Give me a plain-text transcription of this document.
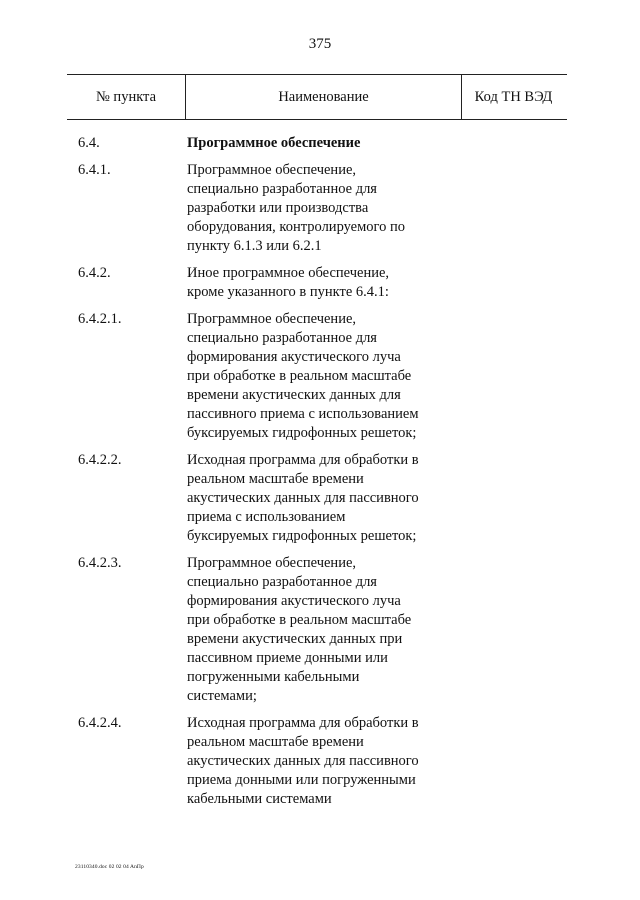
375
№ пункта	Наименование	Код ТН ВЭД
6.4.	Программное обеспечение
6.4.1.	Программное обеспечение,
специально разработанное для
разработки или производства
оборудования, контролируемого по
пункту 6.1.3 или 6.2.1
6.4.2.	Иное программное обеспечение,
кроме указанного в пункте 6.4.1:
6.4.2.1.	Программное обеспечение,
специально разработанное для
формирования акустического луча
при обработке в реальном масштабе
времени акустических данных для
пассивного приема с использованием
буксируемых гидрофонных решеток;
6.4.2.2.	Исходная программа для обработки в
реальном масштабе времени
акустических данных для пассивного
приема с использованием
буксируемых гидрофонных решеток;
6.4.2.3.	Программное обеспечение,
специально разработанное для
формирования акустического луча
при обработке в реальном масштабе
времени акустических данных при
пассивном приеме донными или
погруженными кабельными
системами;
6.4.2.4.	Исходная программа для обработки в
реальном масштабе времени
акустических данных для пассивного
приема донными или погруженными
кабельными системами
23110340.doc 02 02 04 AnПр
